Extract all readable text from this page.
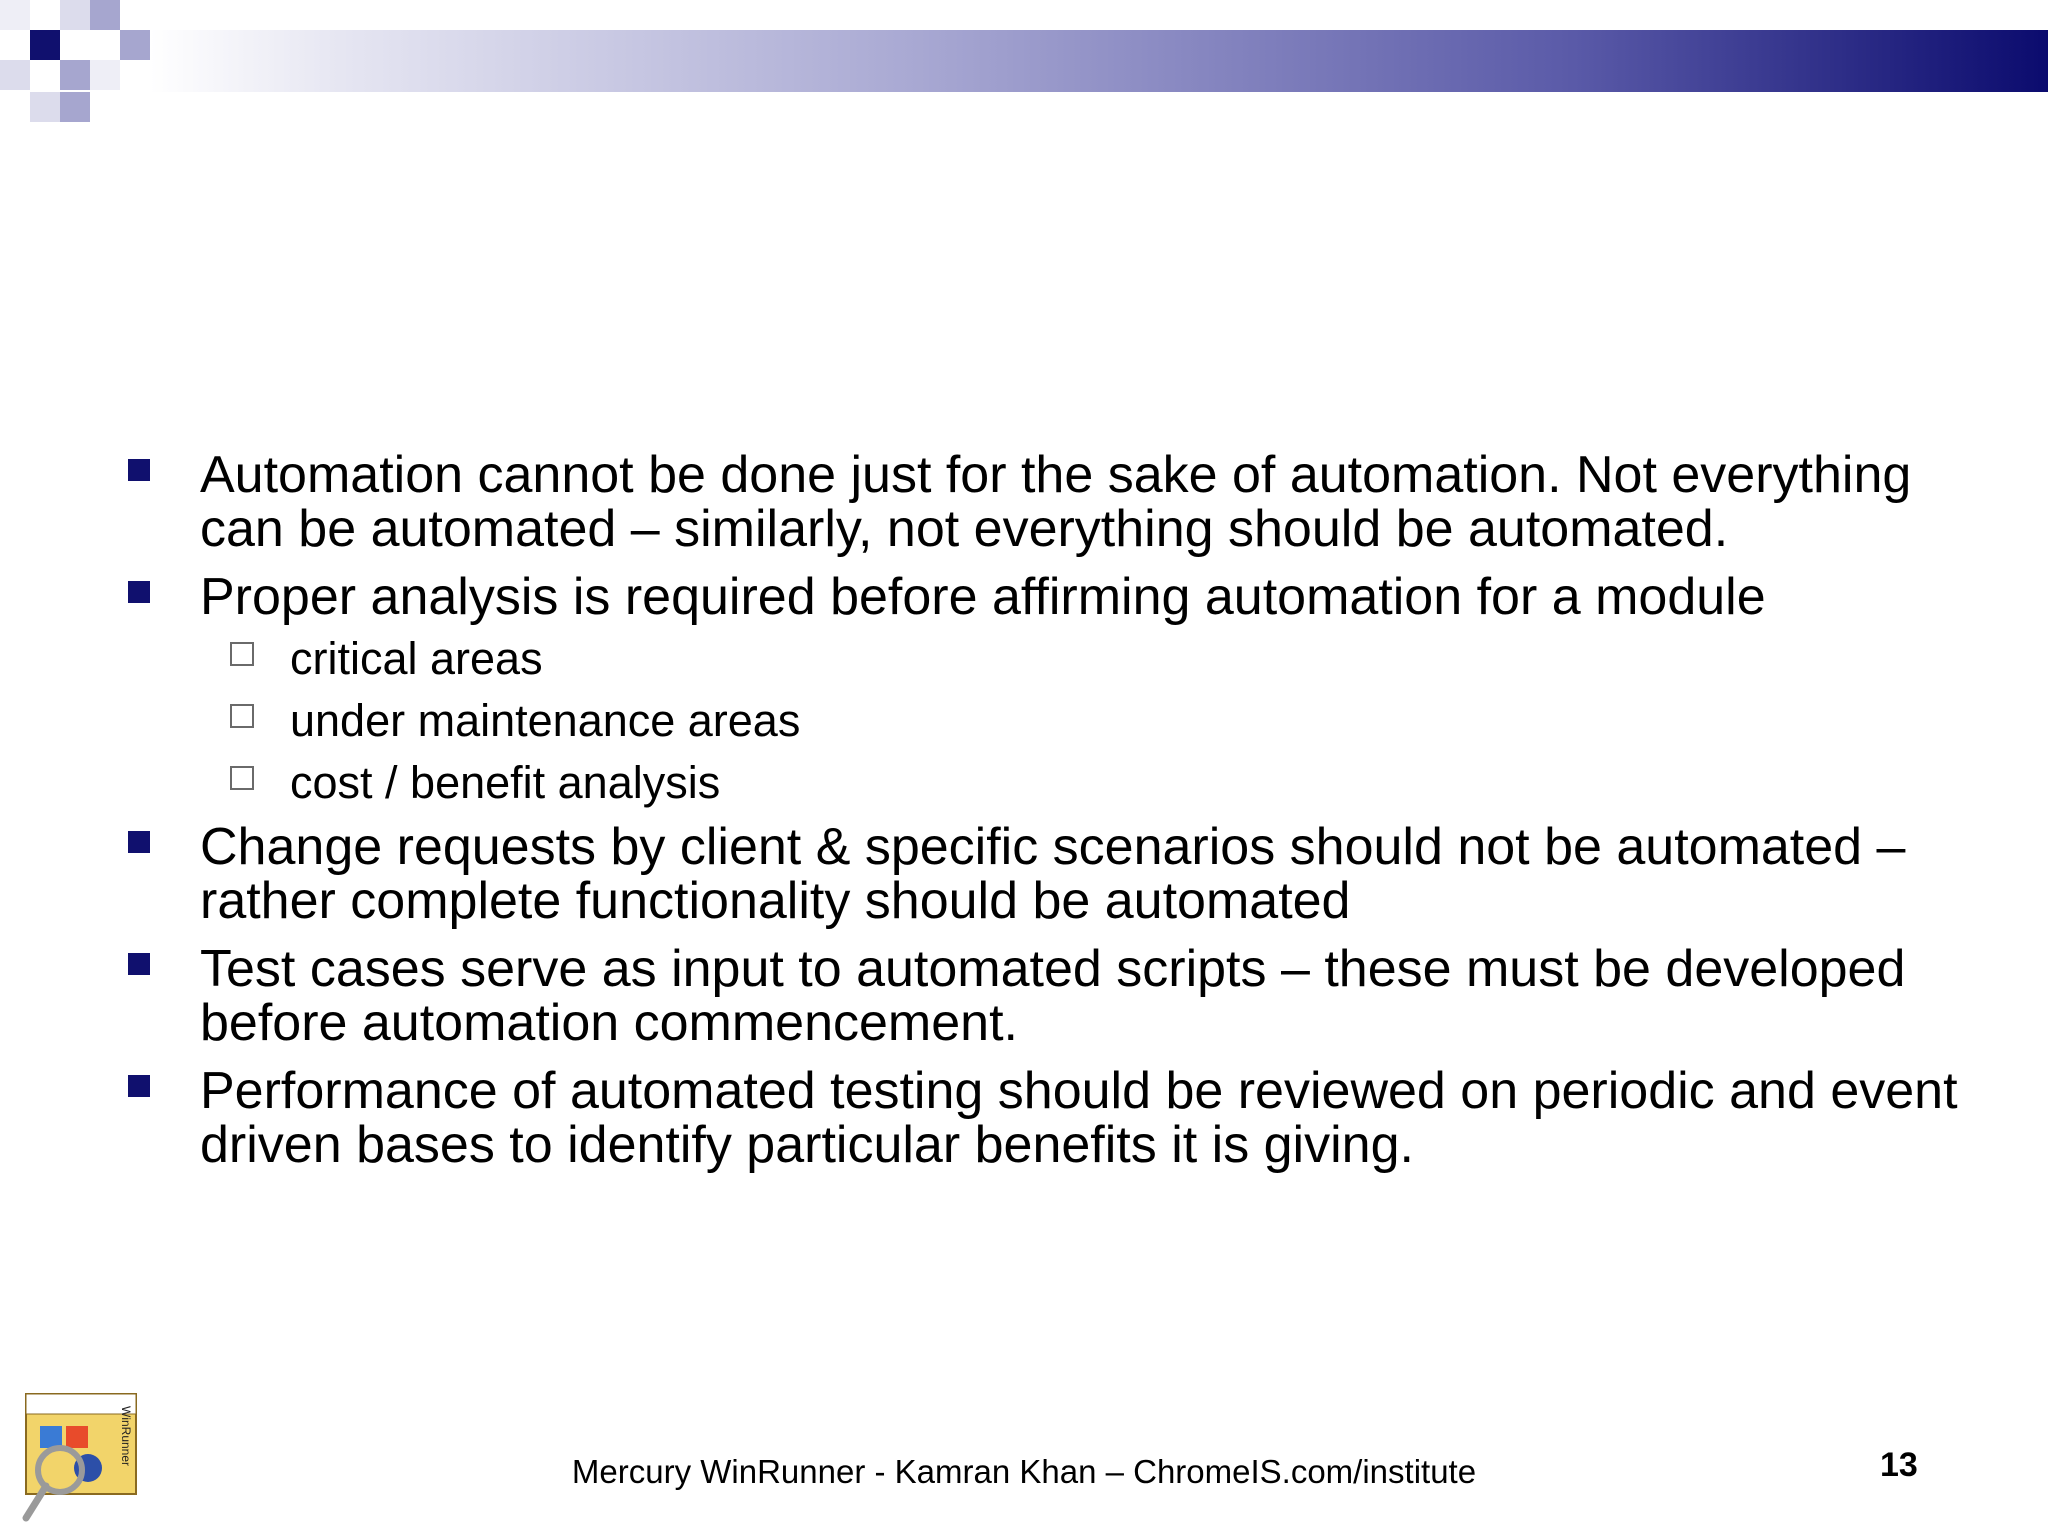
Automation cannot be done just for the sake of automation. Not everything can be automated – similarly, not everything should be automated.
Proper analysis is required before affirming automation for a module
critical areas
under maintenance areas
cost / benefit analysis
Change requests by client & specific scenarios should not be automated – rather complete functionality should be automated
Test cases serve as input to automated scripts – these must be developed before automation commencement.
Performance of automated testing should be reviewed on periodic and event driven bases to identify particular benefits it is giving.
WinRunner
Mercury WinRunner - Kamran Khan – ChromeIS.com/institute	13
